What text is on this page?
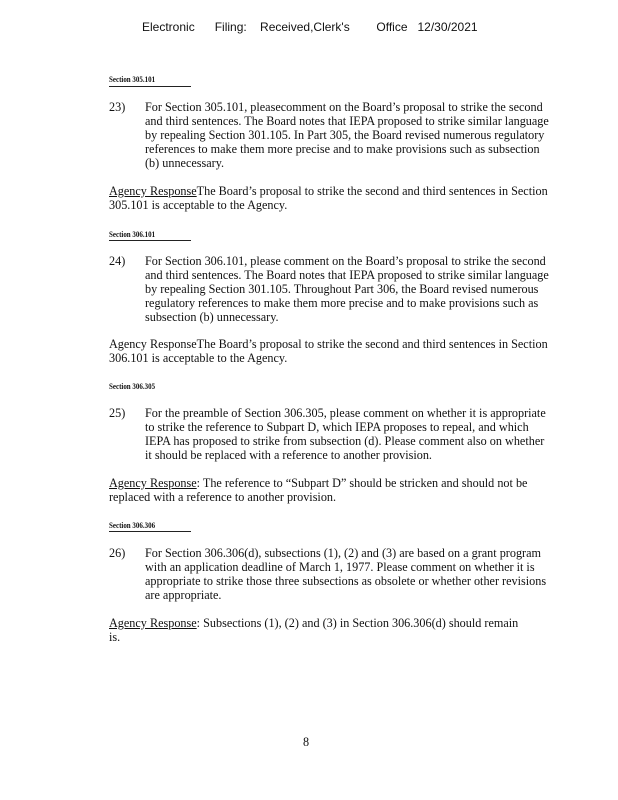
Electronic      Filing:    Received,Clerk's        Office   12/30/2021
Section 305.101
23) For Section 305.101, pleasecomment on the Board’s proposal to strike the second
and third sentences. The Board notes that IEPA proposed to strike similar language
by repealing Section 301.105. In Part 305, the Board revised numerous regulatory
references to make them more precise and to make provisions such as subsection
(b) unnecessary.
Agency ResponseThe Board’s proposal to strike the second and third sentences in Section
305.101 is acceptable to the Agency.
Section 306.101
24) For Section 306.101, please comment on the Board’s proposal to strike the second
and third sentences. The Board notes that IEPA proposed to strike similar language
by repealing Section 301.105. Throughout Part 306, the Board revised numerous
regulatory references to make them more precise and to make provisions such as
subsection (b) unnecessary.
Agency ResponseThe Board’s proposal to strike the second and third sentences in Section
306.101 is acceptable to the Agency.
Section 306.305
25) For the preamble of Section 306.305, please comment on whether it is appropriate
to strike the reference to Subpart D, which IEPA proposes to repeal, and which
IEPA has proposed to strike from subsection (d). Please comment also on whether
it should be replaced with a reference to another provision.
Agency Response: The reference to “Subpart D” should be stricken and should not be
replaced with a reference to another provision.
Section 306.306
26) For Section 306.306(d), subsections (1), (2) and (3) are based on a grant program
with an application deadline of March 1, 1977. Please comment on whether it is
appropriate to strike those three subsections as obsolete or whether other revisions
are appropriate.
Agency Response: Subsections (1), (2) and (3) in Section 306.306(d) should remain
is.
8
